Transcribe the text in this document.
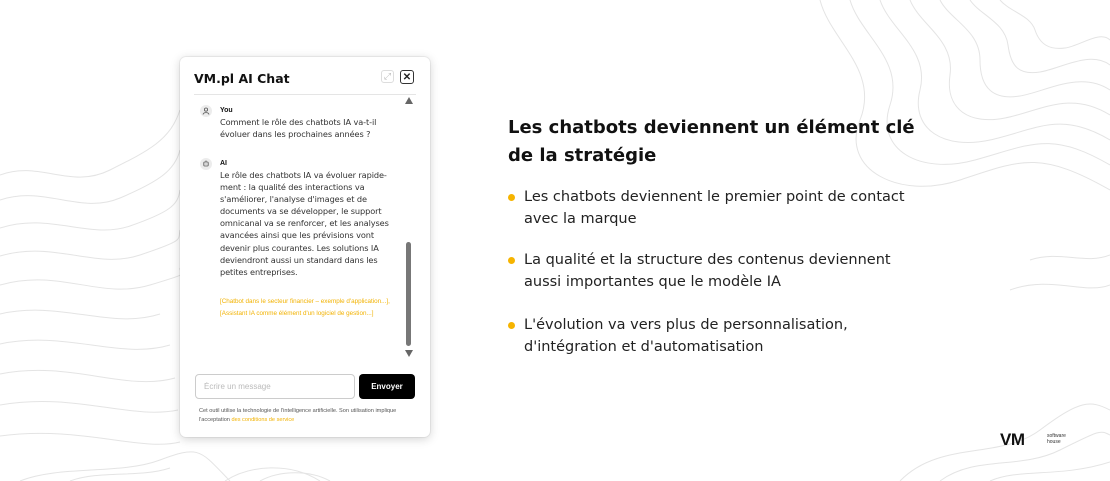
VM.pl AI Chat	⤢ ✕
You
Comment le rôle des chatbots IA va-t-il évoluer dans les prochaines années ?
AI
Le rôle des chatbots IA va évoluer rapide-ment : la qualité des interactions va s'améliorer, l'analyse d'images et de documents va se développer, le support omnicanal va se renforcer, et les analyses avancées ainsi que les prévisions vont devenir plus courantes. Les solutions IA deviendront aussi un standard dans les petites entreprises.
[Chatbot dans le secteur financier – exemple d'application...], [Assistant IA comme élément d'un logiciel de gestion...]
Écrire un message
Envoyer
Cet outil utilise la technologie de l'intelligence artificielle. Son utilisation implique l'acceptation des conditions de service
Les chatbots deviennent un élément clé de la stratégie
Les chatbots deviennent le premier point de contact avec la marque
La qualité et la structure des contenus deviennent aussi importantes que le modèle IA
L'évolution va vers plus de personnalisation, d'intégration et d'automatisation
VM	software
house
